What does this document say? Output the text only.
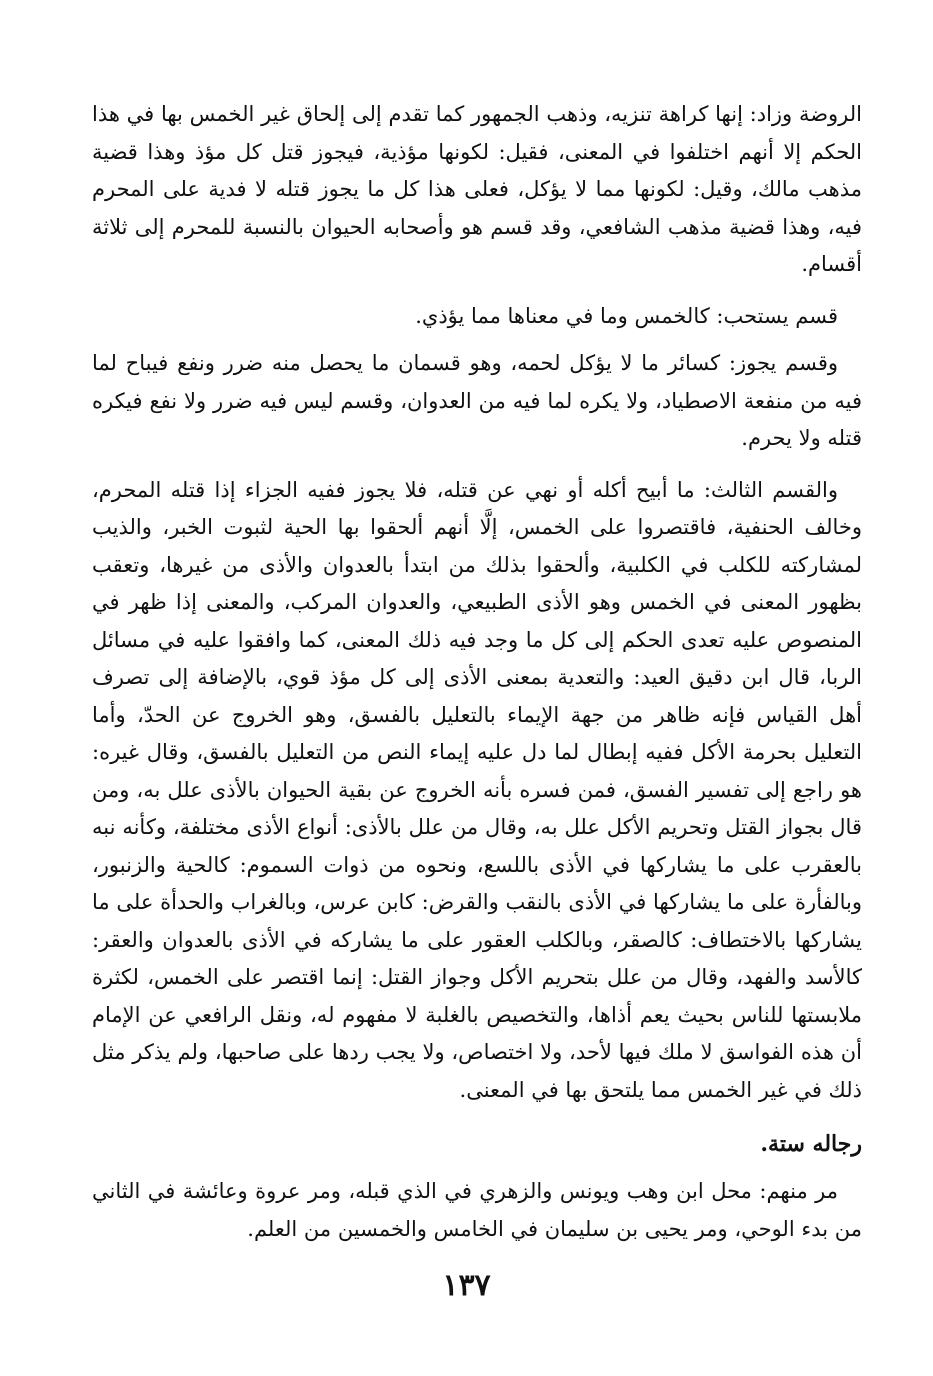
الروضة وزاد: إنها كراهة تنزيه، وذهب الجمهور كما تقدم إلى إلحاق غير الخمس بها في هذا الحكم إلا أنهم اختلفوا في المعنى، فقيل: لكونها مؤذية، فيجوز قتل كل مؤذ وهذا قضية مذهب مالك، وقيل: لكونها مما لا يؤكل، فعلى هذا كل ما يجوز قتله لا فدية على المحرم فيه، وهذا قضية مذهب الشافعي، وقد قسم هو وأصحابه الحيوان بالنسبة للمحرم إلى ثلاثة أقسام.

قسم يستحب: كالخمس وما في معناها مما يؤذي.

وقسم يجوز: كسائر ما لا يؤكل لحمه، وهو قسمان ما يحصل منه ضرر ونفع فيباح لما فيه من منفعة الاصطياد، ولا يكره لما فيه من العدوان، وقسم ليس فيه ضرر ولا نفع فيكره قتله ولا يحرم.

والقسم الثالث: ما أبيح أكله أو نهي عن قتله، فلا يجوز ففيه الجزاء إذا قتله المحرم، وخالف الحنفية، فاقتصروا على الخمس، إلَّا أنهم ألحقوا بها الحية لثبوت الخبر، والذيب لمشاركته للكلب في الكلبية، وألحقوا بذلك من ابتدأ بالعدوان والأذى من غيرها، وتعقب بظهور المعنى في الخمس وهو الأذى الطبيعي، والعدوان المركب، والمعنى إذا ظهر في المنصوص عليه تعدى الحكم إلى كل ما وجد فيه ذلك المعنى، كما وافقوا عليه في مسائل الربا، قال ابن دقيق العيد: والتعدية بمعنى الأذى إلى كل مؤذ قوي، بالإضافة إلى تصرف أهل القياس فإنه ظاهر من جهة الإيماء بالتعليل بالفسق، وهو الخروج عن الحدّ، وأما التعليل بحرمة الأكل ففيه إبطال لما دل عليه إيماء النص من التعليل بالفسق، وقال غيره: هو راجع إلى تفسير الفسق، فمن فسره بأنه الخروج عن بقية الحيوان بالأذى علل به، ومن قال بجواز القتل وتحريم الأكل علل به، وقال من علل بالأذى: أنواع الأذى مختلفة، وكأنه نبه بالعقرب على ما يشاركها في الأذى باللسع، ونحوه من ذوات السموم: كالحية والزنبور، وبالفأرة على ما يشاركها في الأذى بالنقب والقرض: كابن عرس، وبالغراب والحدأة على ما يشاركها بالاختطاف: كالصقر، وبالكلب العقور على ما يشاركه في الأذى بالعدوان والعقر: كالأسد والفهد، وقال من علل بتحريم الأكل وجواز القتل: إنما اقتصر على الخمس، لكثرة ملابستها للناس بحيث يعم أذاها، والتخصيص بالغلبة لا مفهوم له، ونقل الرافعي عن الإمام أن هذه الفواسق لا ملك فيها لأحد، ولا اختصاص، ولا يجب ردها على صاحبها، ولم يذكر مثل ذلك في غير الخمس مما يلتحق بها في المعنى.

رجاله ستة.

مر منهم: محل ابن وهب ويونس والزهري في الذي قبله، ومر عروة وعائشة في الثاني من بدء الوحي، ومر يحيى بن سليمان في الخامس والخمسين من العلم.

١٣٧
